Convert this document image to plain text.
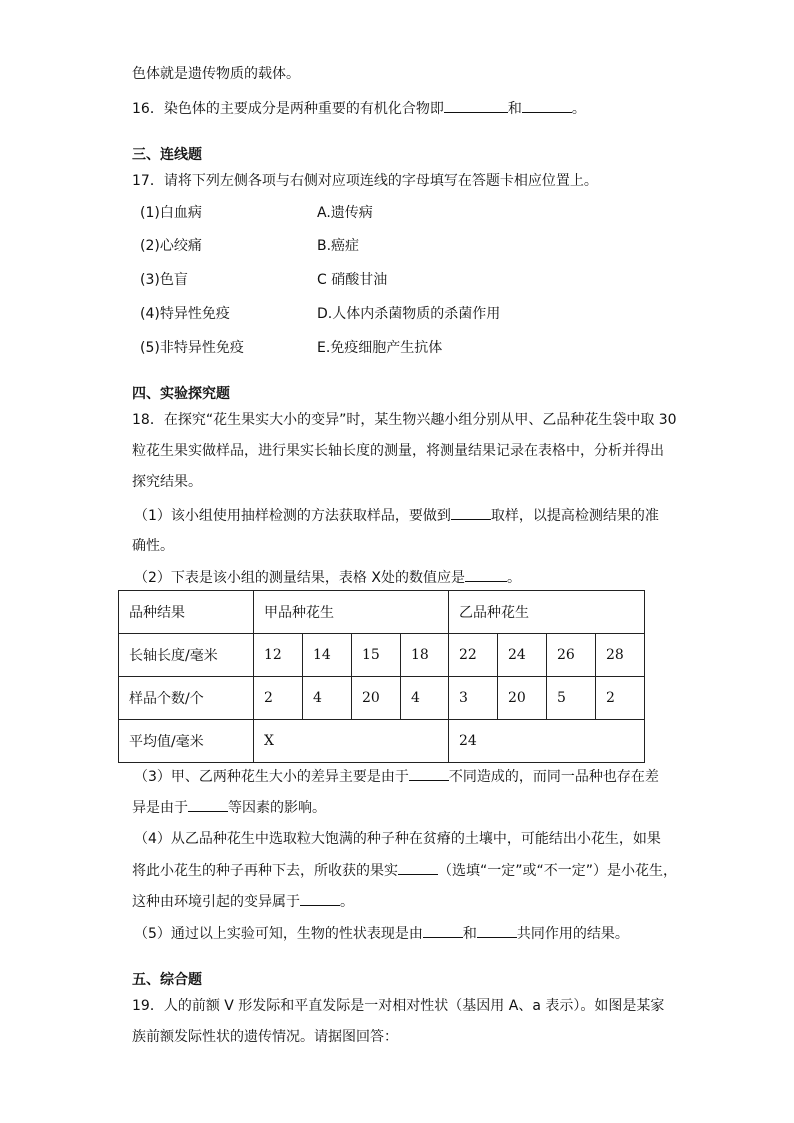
色体就是遗传物质的载体。
16．染色体的主要成分是两种重要的有机化合物即	和	。
三、连线题
17．请将下列左侧各项与右侧对应项连线的字母填写在答题卡相应位置上。
(1)白血病	A.遗传病
(2)心绞痛	B.癌症
(3)色盲	C 硝酸甘油
(4)特异性免疫	D.人体内杀菌物质的杀菌作用
(5)非特异性免疫	E.免疫细胞产生抗体
四、实验探究题
18．在探究“花生果实大小的变异”时，某生物兴趣小组分别从甲、乙品种花生袋中取 30
粒花生果实做样品，进行果实长轴长度的测量，将测量结果记录在表格中，分析并得出
探究结果。
（1）该小组使用抽样检测的方法获取样品，要做到	取样，以提高检测结果的准
确性。
（2）下表是该小组的测量结果，表格 X处的数值应是	。
品种结果	甲品种花生				乙品种花生			
长轴长度/毫米	12	14	15	18	22	24	26	28
样品个数/个	2	4	20	4	3	20	5	2
平均值/毫米	X				24			
（3）甲、乙两种花生大小的差异主要是由于	不同造成的，而同一品种也存在差
异是由于	等因素的影响。
（4）从乙品种花生中选取粒大饱满的种子种在贫瘠的土壤中，可能结出小花生，如果
将此小花生的种子再种下去，所收获的果实	（选填“一定”或“不一定”）是小花生，
这种由环境引起的变异属于	。
（5）通过以上实验可知，生物的性状表现是由	和	共同作用的结果。
五、综合题
19．人的前额 V 形发际和平直发际是一对相对性状（基因用 A、a 表示）。如图是某家
族前额发际性状的遗传情况。请据图回答：
